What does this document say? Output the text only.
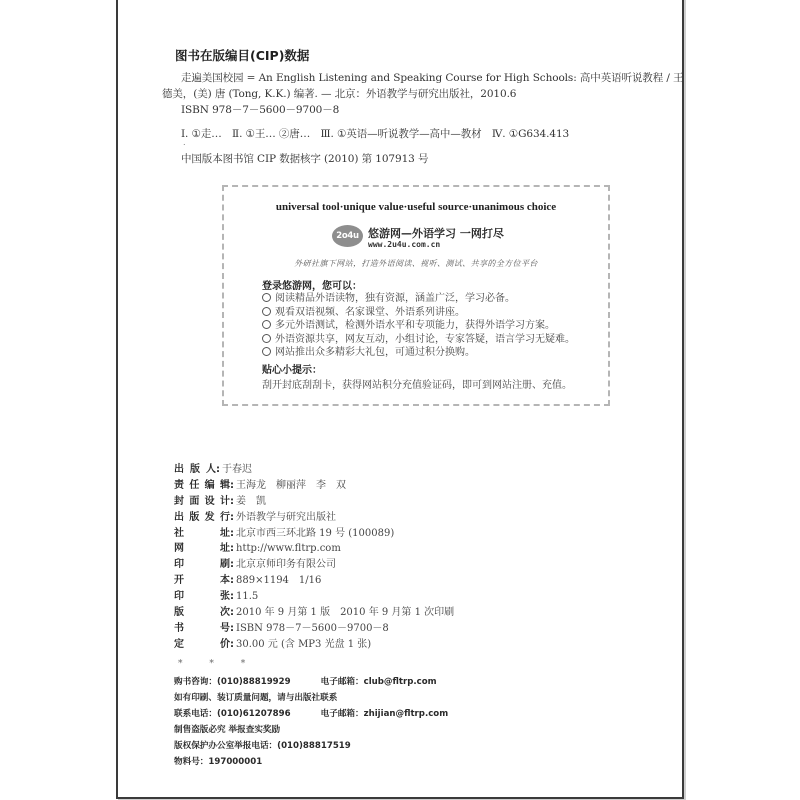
图书在版编目(CIP)数据
走遍美国校园 = An English Listening and Speaking Course for High Schools: 高中英语听说教程 / 王
德美，(美) 唐 (Tong, K.K.) 编著. — 北京：外语教学与研究出版社，2010.6
ISBN 978－7－5600－9700－8
Ⅰ. ①走…　Ⅱ. ①王… ②唐…　Ⅲ. ①英语—听说教学—高中—教材　Ⅳ. ①G634.413
.
中国版本图书馆 CIP 数据核字 (2010) 第 107913 号
universal tool·unique value·useful source·unanimous choice
2o4u 悠游网—外语学习 一网打尽
www.2u4u.com.cn
外研社旗下网站，打造外语阅读、视听、测试、共享的全方位平台
登录悠游网，您可以：
阅读精品外语读物，独有资源，涵盖广泛，学习必备。
观看双语视频、名家课堂、外语系列讲座。
多元外语测试，检测外语水平和专项能力，获得外语学习方案。
外语资源共享，网友互动，小组讨论，专家答疑，语言学习无疑难。
网站推出众多精彩大礼包，可通过积分换购。
贴心小提示：
刮开封底刮刮卡，获得网站积分充值验证码，即可到网站注册、充值。
出 版 人 : 于春迟
责 任 编 辑 : 王海龙　柳丽萍　李　双
封 面 设 计 : 姜　凯
出 版 发 行 : 外语教学与研究出版社
社	址 : 北京市西三环北路 19 号 (100089)
网	址 : http://www.fltrp.com
印	刷 : 北京京师印务有限公司
开	本 : 889×1194　1/16
印	张 : 11.5
版	次 : 2010 年 9 月第 1 版　2010 年 9 月第 1 次印刷
书	号 : ISBN 978－7－5600－9700－8
定	价 : 30.00 元 (含 MP3 光盘 1 张)
* * *
购书咨询：(010)88819929	电子邮箱：club@fltrp.com
如有印刷、装订质量问题，请与出版社联系
联系电话：(010)61207896	电子邮箱：zhijian@fltrp.com
制售盗版必究 举报查实奖励
版权保护办公室举报电话：(010)88817519
物料号：197000001
